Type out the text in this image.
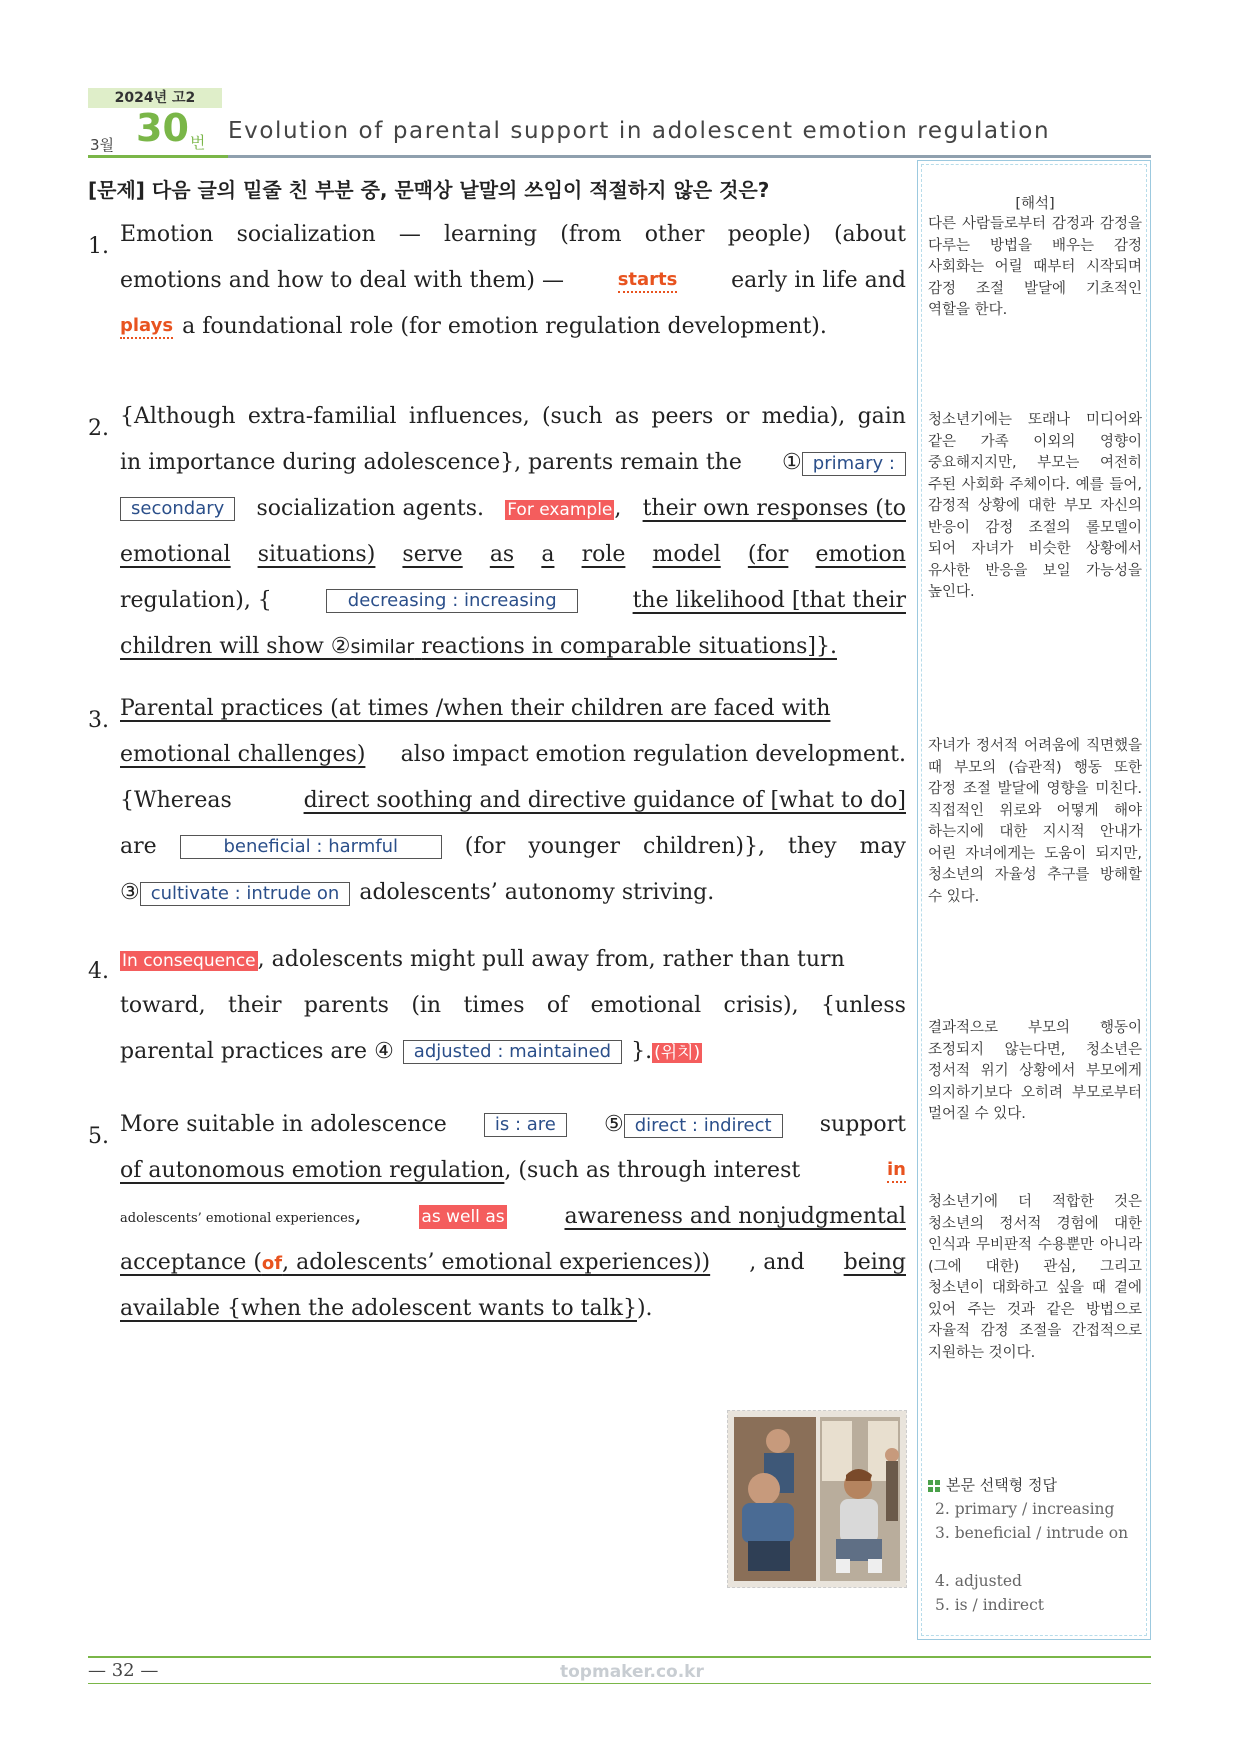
2024년 고2
3월 30 번 Evolution of parental support in adolescent emotion regulation
[해석]
다른 사람들로부터 감정과 감정을 다루는 방법을 배우는 감정 사회화는 어릴 때부터 시작되며 감정 조절 발달에 기초적인 역할을 한다.
청소년기에는 또래나 미디어와 같은 가족 이외의 영향이 중요해지지만, 부모는 여전히 주된 사회화 주체이다. 예를 들어, 감정적 상황에 대한 부모 자신의 반응이 감정 조절의 롤모델이 되어 자녀가 비슷한 상황에서 유사한 반응을 보일 가능성을 높인다.
자녀가 정서적 어려움에 직면했을 때 부모의 (습관적) 행동 또한 감정 조절 발달에 영향을 미친다. 직접적인 위로와 어떻게 해야 하는지에 대한 지시적 안내가 어린 자녀에게는 도움이 되지만, 청소년의 자율성 추구를 방해할 수 있다.
결과적으로 부모의 행동이 조정되지 않는다면, 청소년은 정서적 위기 상황에서 부모에게 의지하기보다 오히려 부모로부터 멀어질 수 있다.
청소년기에 더 적합한 것은 청소년의 정서적 경험에 대한 인식과 무비판적 수용뿐만 아니라 (그에 대한) 관심, 그리고 청소년이 대화하고 싶을 때 곁에 있어 주는 것과 같은 방법으로 자율적 감정 조절을 간접적으로 지원하는 것이다.
본문 선택형 정답
2. primary / increasing
3. beneficial / intrude on
4. adjusted
5. is / indirect
[문제] 다음 글의 밑줄 친 부분 중, 문맥상 낱말의 쓰임이 적절하지 않은 것은?
1. Emotion socialization — learning (from other people) (about
emotions and how to deal with them) —	starts early in life and
plays a foundational role (for emotion regulation development).
2. {Although extra-familial influences, (such as peers or media), gain
in importance during adolescence}, parents remain the ① primary :
secondary	socialization agents. For example, their own responses (to
emotional situations) serve as a role model (for emotion
regulation), {	decreasing : increasing	the likelihood [that their
children will show ②similar reactions in comparable situations]}.
3. Parental practices (at times /when their children are faced with
emotional challenges) also impact emotion regulation development.
{Whereas	direct soothing and directive guidance of [what to do]
are	beneficial : harmful	(for younger children)}, they may
③ cultivate : intrude on adolescents’ autonomy striving.
4. In consequence, adolescents might pull away from, rather than turn
toward, their parents (in times of emotional crisis), {unless
parental practices are ④	adjusted : maintained }. (위치)
5. More suitable in adolescence	is : are	⑤ direct : indirect	support
of autonomous emotion regulation, (such as through interest	in
adolescents’ emotional experiences,	as well as	awareness and nonjudgmental
acceptance (of, adolescents’ emotional experiences)) , and being
available {when the adolescent wants to talk}).
— 32 —	topmaker.co.kr
